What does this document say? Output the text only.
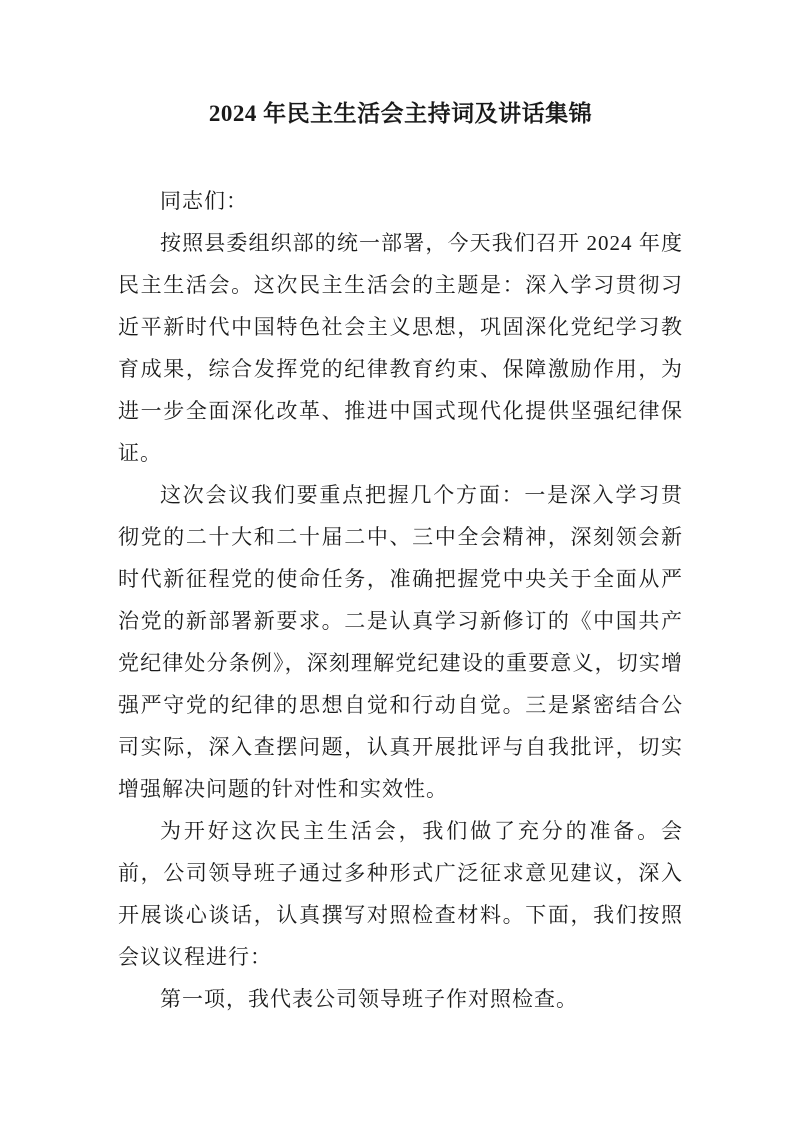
2024 年民主生活会主持词及讲话集锦

同志们：

按照县委组织部的统一部署，今天我们召开 2024 年度民主生活会。这次民主生活会的主题是：深入学习贯彻习近平新时代中国特色社会主义思想，巩固深化党纪学习教育成果，综合发挥党的纪律教育约束、保障激励作用，为进一步全面深化改革、推进中国式现代化提供坚强纪律保证。

这次会议我们要重点把握几个方面：一是深入学习贯彻党的二十大和二十届二中、三中全会精神，深刻领会新时代新征程党的使命任务，准确把握党中央关于全面从严治党的新部署新要求。二是认真学习新修订的《中国共产党纪律处分条例》，深刻理解党纪建设的重要意义，切实增强严守党的纪律的思想自觉和行动自觉。三是紧密结合公司实际，深入查摆问题，认真开展批评与自我批评，切实增强解决问题的针对性和实效性。

为开好这次民主生活会，我们做了充分的准备。会前，公司领导班子通过多种形式广泛征求意见建议，深入开展谈心谈话，认真撰写对照检查材料。下面，我们按照会议议程进行：

第一项，我代表公司领导班子作对照检查。
